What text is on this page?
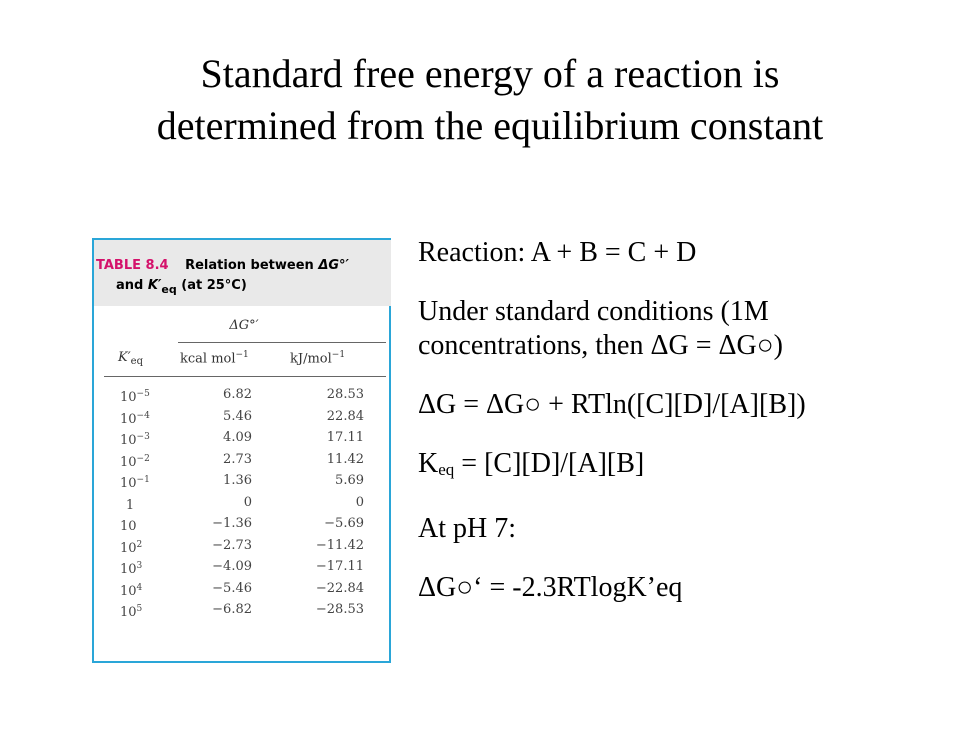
Standard free energy of a reaction is
determined from the equilibrium constant
TABLE 8.4 Relation between ΔG°′
and $K'_{eq}$ (at 25°C)
ΔG°′
$K'_{eq}$	kcal mol$^{-1}$	kJ/mol$^{-1}$
$10^{-5}$	6.82	28.53
$10^{-4}$	5.46	22.84
$10^{-3}$	4.09	17.11
$10^{-2}$	2.73	11.42
$10^{-1}$	1.36	5.69
1	0	0
10	−1.36	−5.69
$10^2$	−2.73	−11.42
$10^3$	−4.09	−17.11
$10^4$	−5.46	−22.84
$10^5$	−6.82	−28.53

Reaction: A + B = C + D

Under standard conditions (1M

concentrations, then ΔG = ΔG○)

ΔG = ΔG○ + RTln([C][D]/[A][B])

Keq = [C][D]/[A][B]

At pH 7:

ΔG○‘ = -2.3RTlogK’eq
